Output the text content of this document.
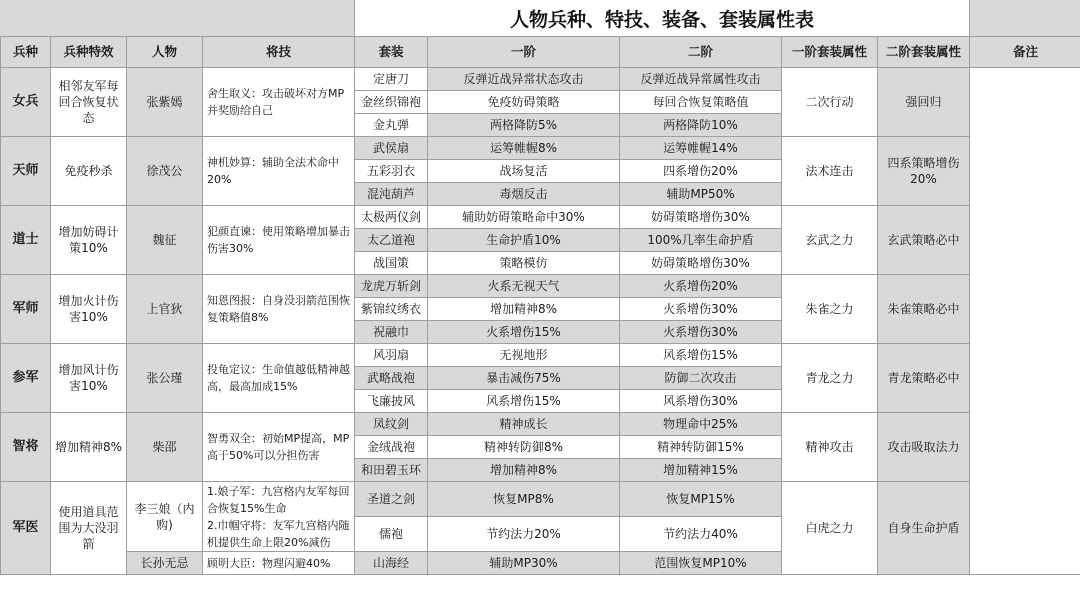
人物兵种、特技、装备、套装属性表
兵种	兵种特效	人物	将技	套装	一阶	二阶	一阶套装属性	二阶套装属性	备注
女兵	相邻友军每回合恢复状态	张紫嫣	舍生取义：攻击破坏对方MP并奖励给自己	定唐刀	反弹近战异常状态攻击	反弹近战异常属性攻击	二次行动	强回归	
				金丝织锦袍	免疫妨碍策略	每回合恢复策略值			
				金丸弹	两格降防5%	两格降防10%			
天师	免疫秒杀	徐茂公	神机妙算：辅助全法术命中20%	武侯扇	运筹帷幄8%	运筹帷幄14%	法术连击	四系策略增伤20%	
				五彩羽衣	战场复活	四系增伤20%			
				混沌葫芦	毒烟反击	辅助MP50%			
道士	增加妨碍计策10%	魏征	犯颜直谏：使用策略增加暴击伤害30%	太极两仪剑	辅助妨碍策略命中30%	妨碍策略增伤30%	玄武之力	玄武策略必中	
				太乙道袍	生命护盾10%	100%几率生命护盾			
				战国策	策略模仿	妨碍策略增伤30%			
军师	增加火计伤害10%	上官狄	知恩图报：自身没羽箭范围恢复策略值8%	龙虎万斩剑	火系无视天气	火系增伤20%	朱雀之力	朱雀策略必中	
				紫锦纹绣衣	增加精神8%	火系增伤30%			
				祝融巾	火系增伤15%	火系增伤30%			
参军	增加风计伤害10%	张公瑾	投龟定议：生命值越低精神越高，最高加成15%	风羽扇	无视地形	风系增伤15%	青龙之力	青龙策略必中	
				武略战袍	暴击减伤75%	防御二次攻击			
				飞廉披风	风系增伤15%	风系增伤30%			
智将	增加精神8%	柴邵	智勇双全：初始MP提高，MP高于50%可以分担伤害	凤纹剑	精神成长	物理命中25%	精神攻击	攻击吸取法力	
				金绒战袍	精神转防御8%	精神转防御15%			
				和田碧玉环	增加精神8%	增加精神15%			
军医	使用道具范围为大没羽箭	李三娘（内购)	1.娘子军：九宫格内友军每回合恢复15%生命
2.巾帼守将：友军九宫格内随机提供生命上限20%减伤	圣道之剑	恢复MP8%	恢复MP15%	白虎之力	自身生命护盾	
				儒袍	节约法力20%	节约法力40%			
		长孙无忌	顾明大臣：物理闪避40%	山海经	辅助MP30%	范围恢复MP10%			
